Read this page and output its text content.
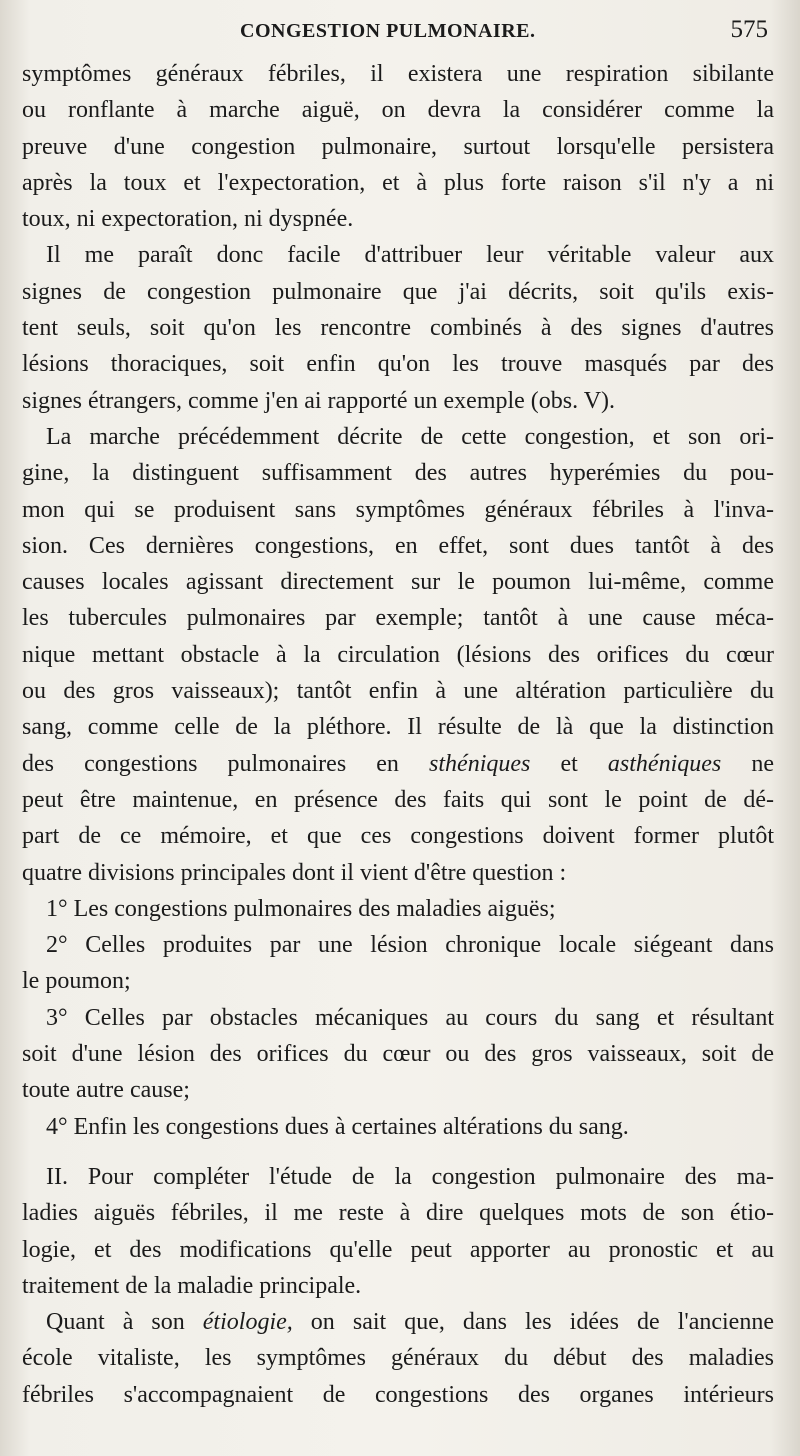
CONGESTION PULMONAIRE.	575
symptômes généraux fébriles, il existera une respiration sibilante
ou ronflante à marche aiguë, on devra la considérer comme la
preuve d'une congestion pulmonaire, surtout lorsqu'elle persistera
après la toux et l'expectoration, et à plus forte raison s'il n'y a ni
toux, ni expectoration, ni dyspnée.
Il me paraît donc facile d'attribuer leur véritable valeur aux
signes de congestion pulmonaire que j'ai décrits, soit qu'ils exis-
tent seuls, soit qu'on les rencontre combinés à des signes d'autres
lésions thoraciques, soit enfin qu'on les trouve masqués par des
signes étrangers, comme j'en ai rapporté un exemple (obs. V).
La marche précédemment décrite de cette congestion, et son ori-
gine, la distinguent suffisamment des autres hyperémies du pou-
mon qui se produisent sans symptômes généraux fébriles à l'inva-
sion. Ces dernières congestions, en effet, sont dues tantôt à des
causes locales agissant directement sur le poumon lui-même, comme
les tubercules pulmonaires par exemple; tantôt à une cause méca-
nique mettant obstacle à la circulation (lésions des orifices du cœur
ou des gros vaisseaux); tantôt enfin à une altération particulière du
sang, comme celle de la pléthore. Il résulte de là que la distinction
des congestions pulmonaires en sthéniques et asthéniques ne
peut être maintenue, en présence des faits qui sont le point de dé-
part de ce mémoire, et que ces congestions doivent former plutôt
quatre divisions principales dont il vient d'être question :
1° Les congestions pulmonaires des maladies aiguës;
2° Celles produites par une lésion chronique locale siégeant dans
le poumon;
3° Celles par obstacles mécaniques au cours du sang et résultant
soit d'une lésion des orifices du cœur ou des gros vaisseaux, soit de
toute autre cause;
4° Enfin les congestions dues à certaines altérations du sang.
II. Pour compléter l'étude de la congestion pulmonaire des ma-
ladies aiguës fébriles, il me reste à dire quelques mots de son étio-
logie, et des modifications qu'elle peut apporter au pronostic et au
traitement de la maladie principale.
Quant à son étiologie, on sait que, dans les idées de l'ancienne
école vitaliste, les symptômes généraux du début des maladies
fébriles s'accompagnaient de congestions des organes intérieurs
